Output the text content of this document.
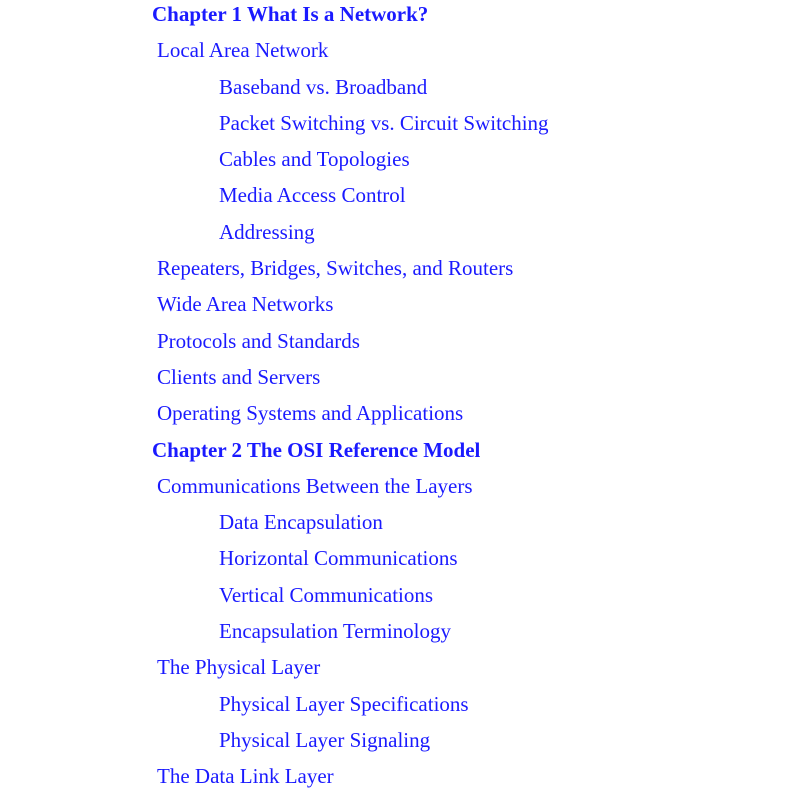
Chapter 1 What Is a Network?
Local Area Network
Baseband vs. Broadband
Packet Switching vs. Circuit Switching
Cables and Topologies
Media Access Control
Addressing
Repeaters, Bridges, Switches, and Routers
Wide Area Networks
Protocols and Standards
Clients and Servers
Operating Systems and Applications
Chapter 2 The OSI Reference Model
Communications Between the Layers
Data Encapsulation
Horizontal Communications
Vertical Communications
Encapsulation Terminology
The Physical Layer
Physical Layer Specifications
Physical Layer Signaling
The Data Link Layer
